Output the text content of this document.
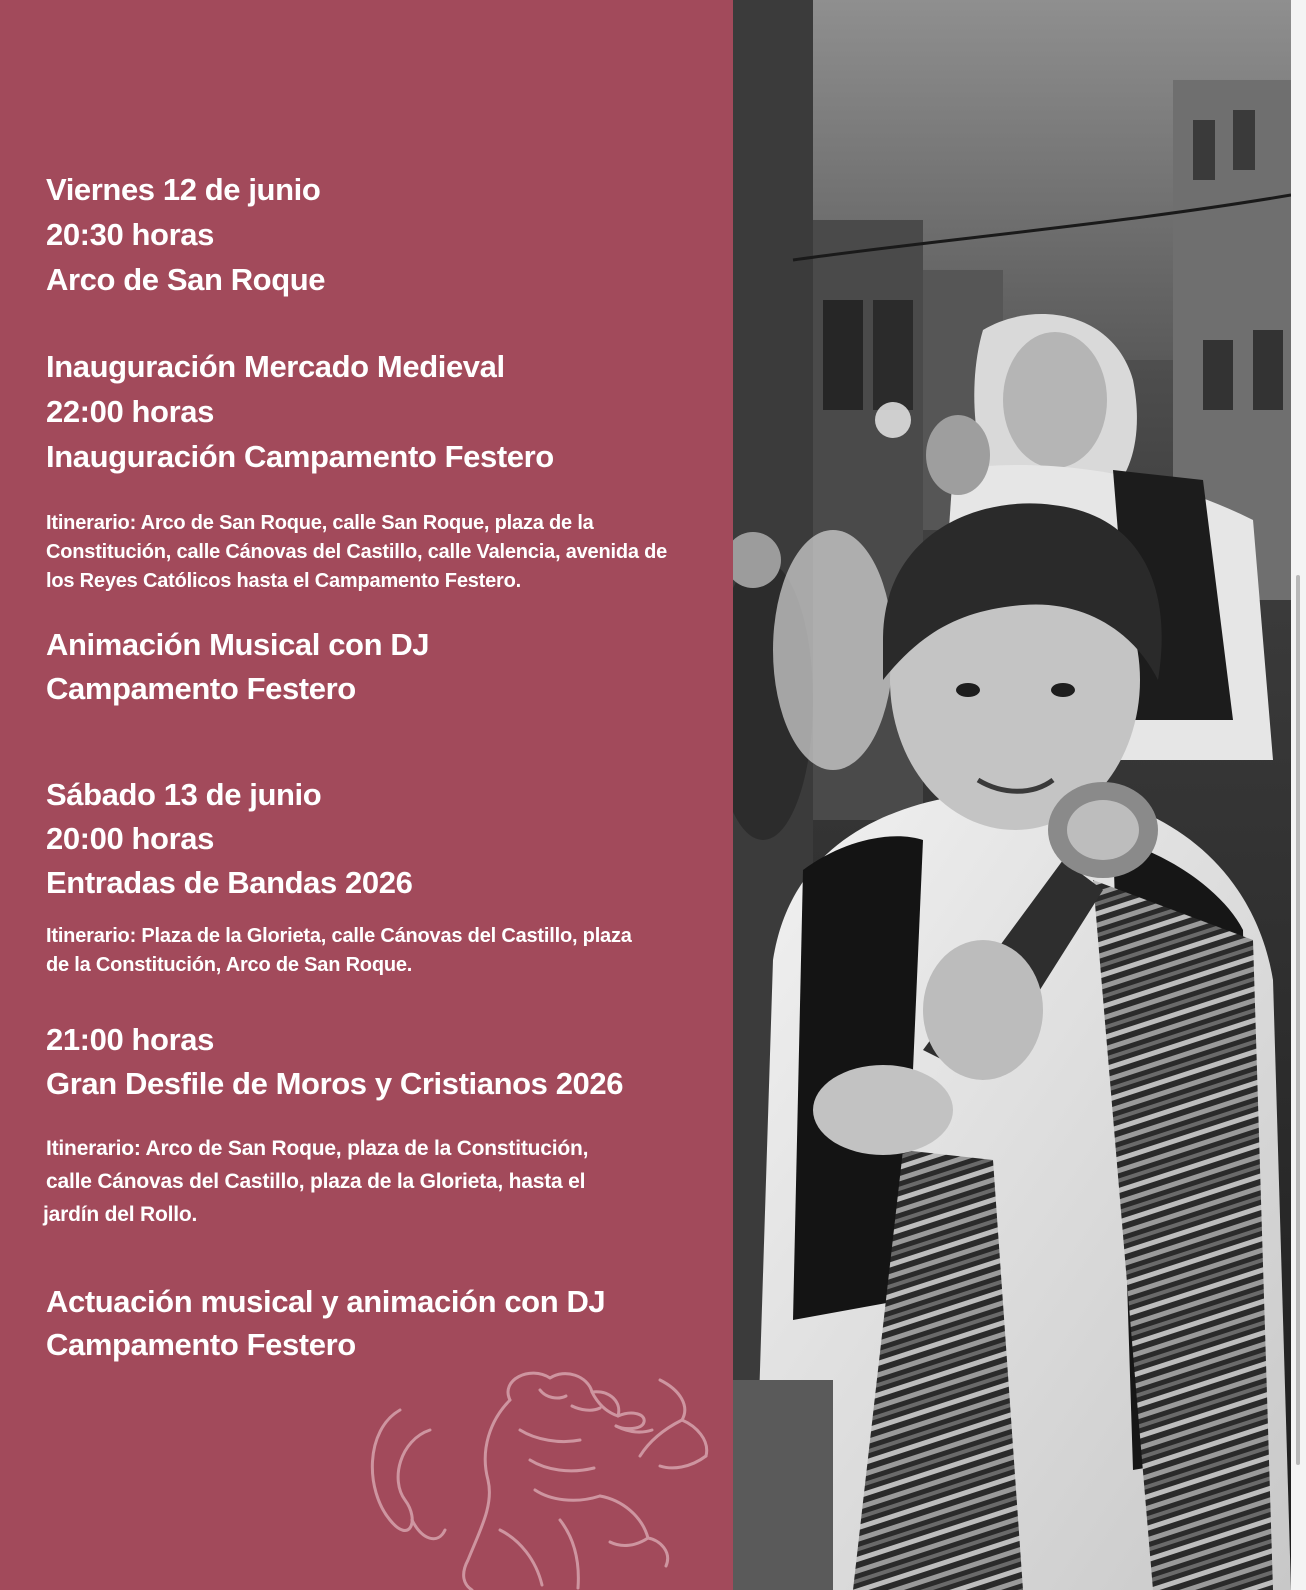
Viernes 12 de junio
20:30 horas
Arco de San Roque
Inauguración Mercado Medieval
22:00 horas
Inauguración Campamento Festero
Itinerario: Arco de San Roque, calle San Roque, plaza de la
Constitución, calle Cánovas del Castillo, calle Valencia, avenida de
los Reyes Católicos hasta el Campamento Festero.
Animación Musical con DJ
Campamento Festero
Sábado 13 de junio
20:00 horas
Entradas de Bandas 2026
Itinerario: Plaza de la Glorieta, calle Cánovas del Castillo, plaza
de la Constitución, Arco de San Roque.
21:00 horas
Gran Desfile de Moros y Cristianos 2026
Itinerario: Arco de San Roque, plaza de la Constitución,
calle Cánovas del Castillo, plaza de la Glorieta, hasta el
jardín del Rollo.
Actuación musical y animación con DJ
Campamento Festero
